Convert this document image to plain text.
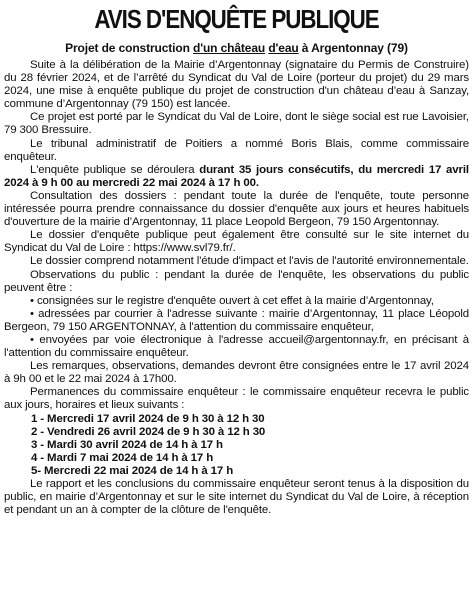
AVIS D'ENQUÊTE PUBLIQUE
Projet de construction d'un château d'eau à Argentonnay (79)

Suite à la délibération de la Mairie d’Argentonnay (signataire du Permis de Construire) du 28 février 2024, et de l’arrêté du Syndicat du Val de Loire (porteur du projet) du 29 mars 2024, une mise à enquête publique du projet de construction d'un château d’eau à Sanzay, commune d’Argentonnay (79 150) est lancée.

Ce projet est porté par le Syndicat du Val de Loire, dont le siège social est rue Lavoisier, 79 300 Bressuire.

Le tribunal administratif de Poitiers a nommé Boris Blais, comme commissaire enquêteur.

L'enquête publique se déroulera durant 35 jours consécutifs, du mercredi 17 avril 2024 à 9 h 00 au mercredi 22 mai 2024 à 17 h 00.

Consultation des dossiers : pendant toute la durée de l'enquête, toute personne intéressée pourra prendre connaissance du dossier d'enquête aux jours et heures habituels d'ouverture de la mairie d’Argentonnay, 11 place Leopold Bergeon, 79 150 Argentonnay.

Le dossier d'enquête publique peut également être consulté sur le site internet du Syndicat du Val de Loire : https://www.svl79.fr/.

Le dossier comprend notamment l'étude d'impact et l'avis de l'autorité environnementale.

Observations du public : pendant la durée de l'enquête, les observations du public peuvent être :

• consignées sur le registre d'enquête ouvert à cet effet à la mairie d’Argentonnay,

• adressées par courrier à l'adresse suivante : mairie d’Argentonnay, 11 place Léopold Bergeon, 79 150 ARGENTONNAY, à l'attention du commissaire enquêteur,

• envoyées par voie électronique à l'adresse accueil@argentonnay.fr, en précisant à l'attention du commissaire enquêteur.

Les remarques, observations, demandes devront être consignées entre le 17 avril 2024 à 9h 00 et le 22 mai 2024 à 17h00.

Permanences du commissaire enquêteur : le commissaire enquêteur recevra le public aux jours, horaires et lieux suivants :

1 - Mercredi 17 avril 2024 de 9 h 30 à 12 h 30
2 - Vendredi 26 avril 2024 de 9 h 30 à 12 h 30
3 - Mardi 30 avril 2024 de 14 h à 17 h
4 - Mardi 7 mai 2024 de 14 h à 17 h
5- Mercredi 22 mai 2024 de 14 h à 17 h

Le rapport et les conclusions du commissaire enquêteur seront tenus à la disposition du public, en mairie d’Argentonnay et sur le site internet du Syndicat du Val de Loire, à réception et pendant un an à compter de la clôture de l'enquête.
